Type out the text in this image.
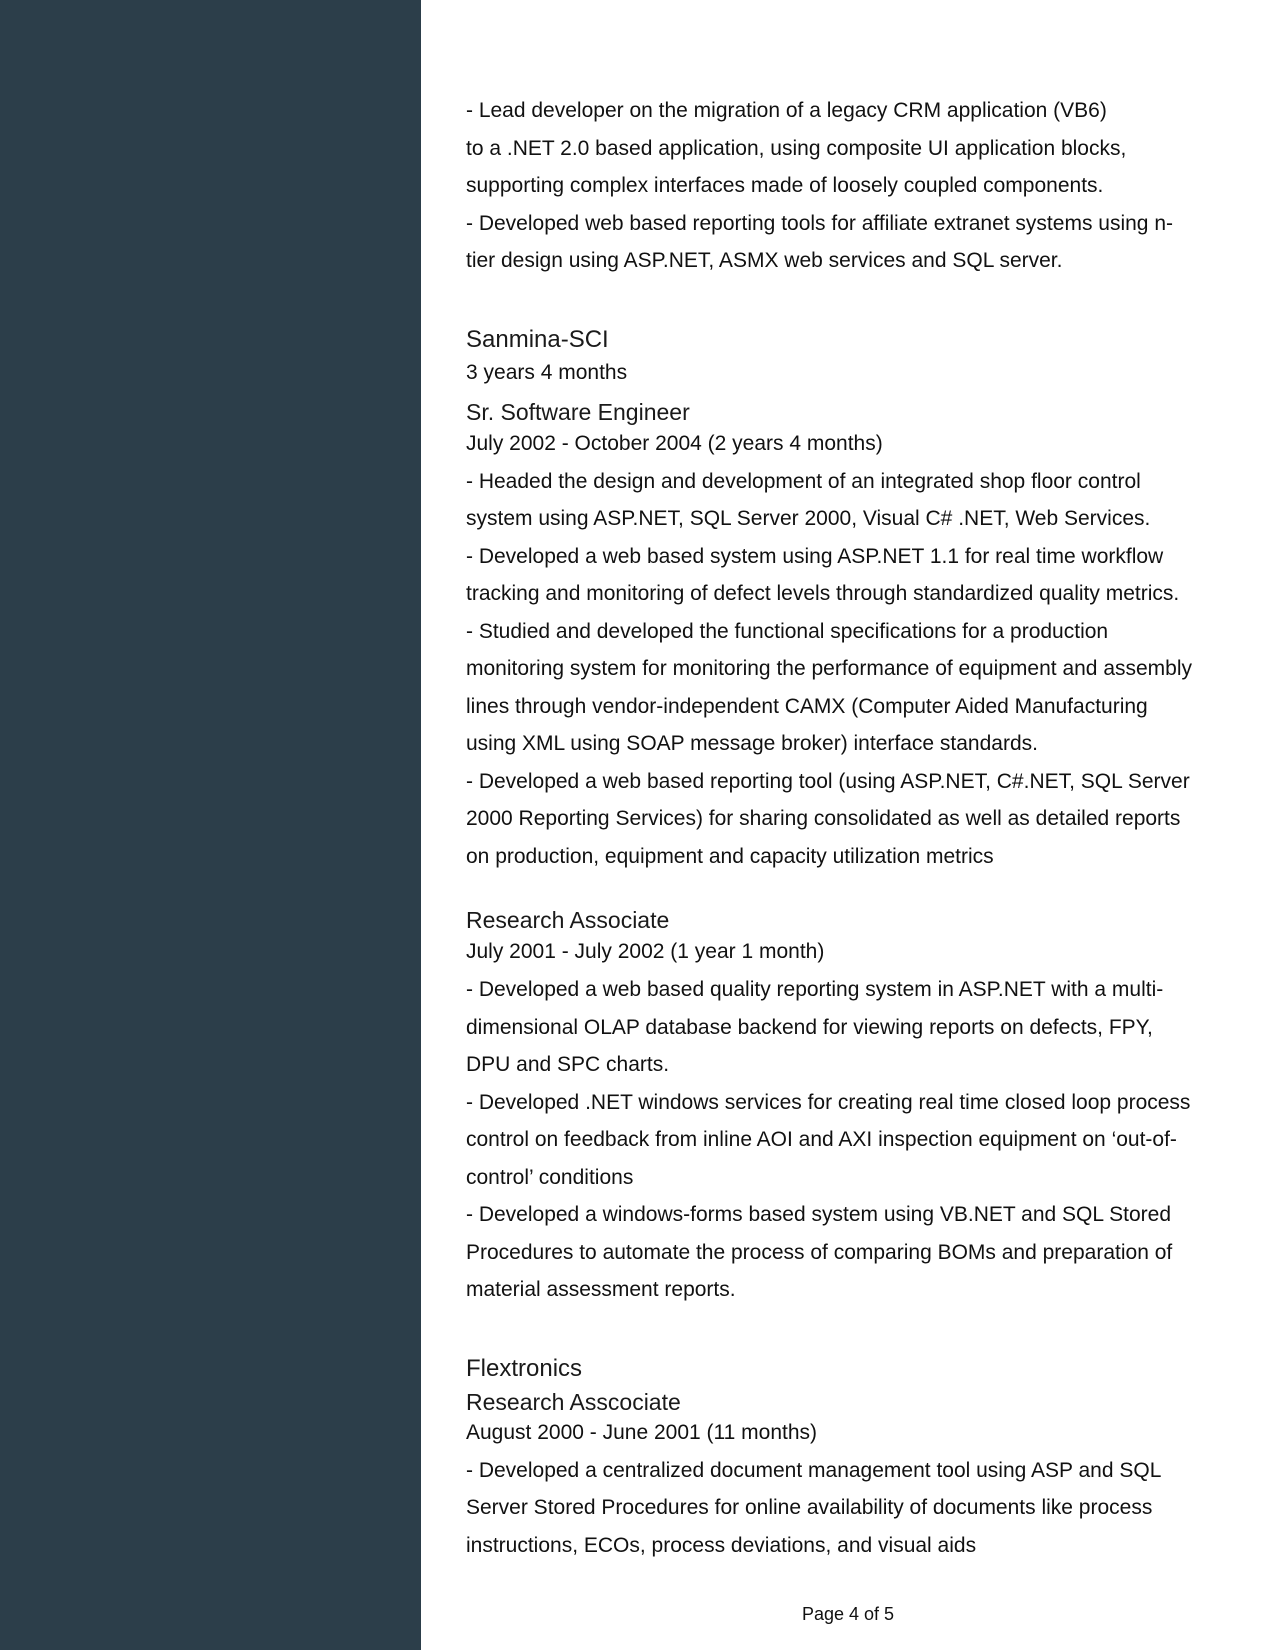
- Lead developer on the migration of a legacy CRM application (VB6)
to a .NET 2.0 based application, using composite UI application blocks,
supporting complex interfaces made of loosely coupled components.
- Developed web based reporting tools for affiliate extranet systems using n-
tier design using ASP.NET, ASMX web services and SQL server.
Sanmina-SCI
3 years 4 months
Sr. Software Engineer
July 2002 - October 2004 (2 years 4 months)
- Headed the design and development of an integrated shop floor control
system using ASP.NET, SQL Server 2000, Visual C# .NET, Web Services.
- Developed a web based system using ASP.NET 1.1 for real time workflow
tracking and monitoring of defect levels through standardized quality metrics.
- Studied and developed the functional specifications for a production
monitoring system for monitoring the performance of equipment and assembly
lines through vendor-independent CAMX (Computer Aided Manufacturing
using XML using SOAP message broker) interface standards.
- Developed a web based reporting tool (using ASP.NET, C#.NET, SQL Server
2000 Reporting Services) for sharing consolidated as well as detailed reports
on production, equipment and capacity utilization metrics
Research Associate
July 2001 - July 2002 (1 year 1 month)
- Developed a web based quality reporting system in ASP.NET with a multi-
dimensional OLAP database backend for viewing reports on defects, FPY,
DPU and SPC charts.
- Developed .NET windows services for creating real time closed loop process
control on feedback from inline AOI and AXI inspection equipment on ‘out-of-
control’ conditions
- Developed a windows-forms based system using VB.NET and SQL Stored
Procedures to automate the process of comparing BOMs and preparation of
material assessment reports.
Flextronics
Research Asscociate
August 2000 - June 2001 (11 months)
- Developed a centralized document management tool using ASP and SQL
Server Stored Procedures for online availability of documents like process
instructions, ECOs, process deviations, and visual aids
Page 4 of 5
